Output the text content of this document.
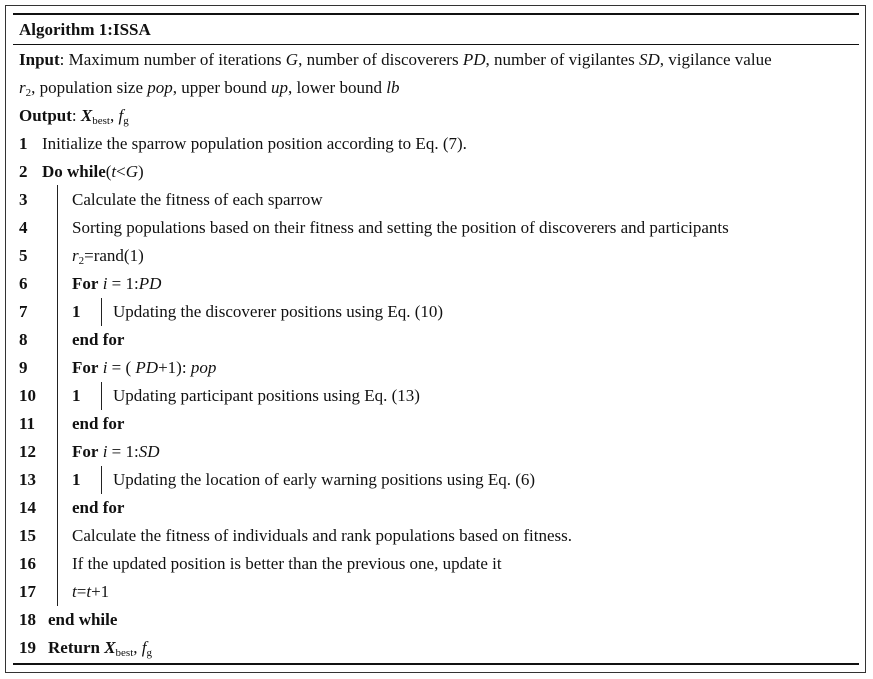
Algorithm 1:ISSA
Input: Maximum number of iterations G, number of discoverers PD, number of vigilantes SD, vigilance value
$r_2$, population size pop, upper bound up, lower bound lb
Output: $X_{best}$, $f_g$
1
2
3
4
5
6
7
8
9
10
11
12
13
14
15
16
17
18
19
Initialize the sparrow population position according to Eq. (7).
Do while(t<G)
Calculate the fitness of each sparrow
Sorting populations based on their fitness and setting the position of discoverers and participants
$r_2=rand(1)$
For i = 1:PD
1 Updating the discoverer positions using Eq. (10)
end for
For i = ( PD+1): pop
1 Updating participant positions using Eq. (13)
end for
For i = 1:SD
1 Updating the location of early warning positions using Eq. (6)
end for
Calculate the fitness of individuals and rank populations based on fitness.
If the updated position is better than the previous one, update it
t=t+1
end while
Return $X_{best}$, $f_g$
